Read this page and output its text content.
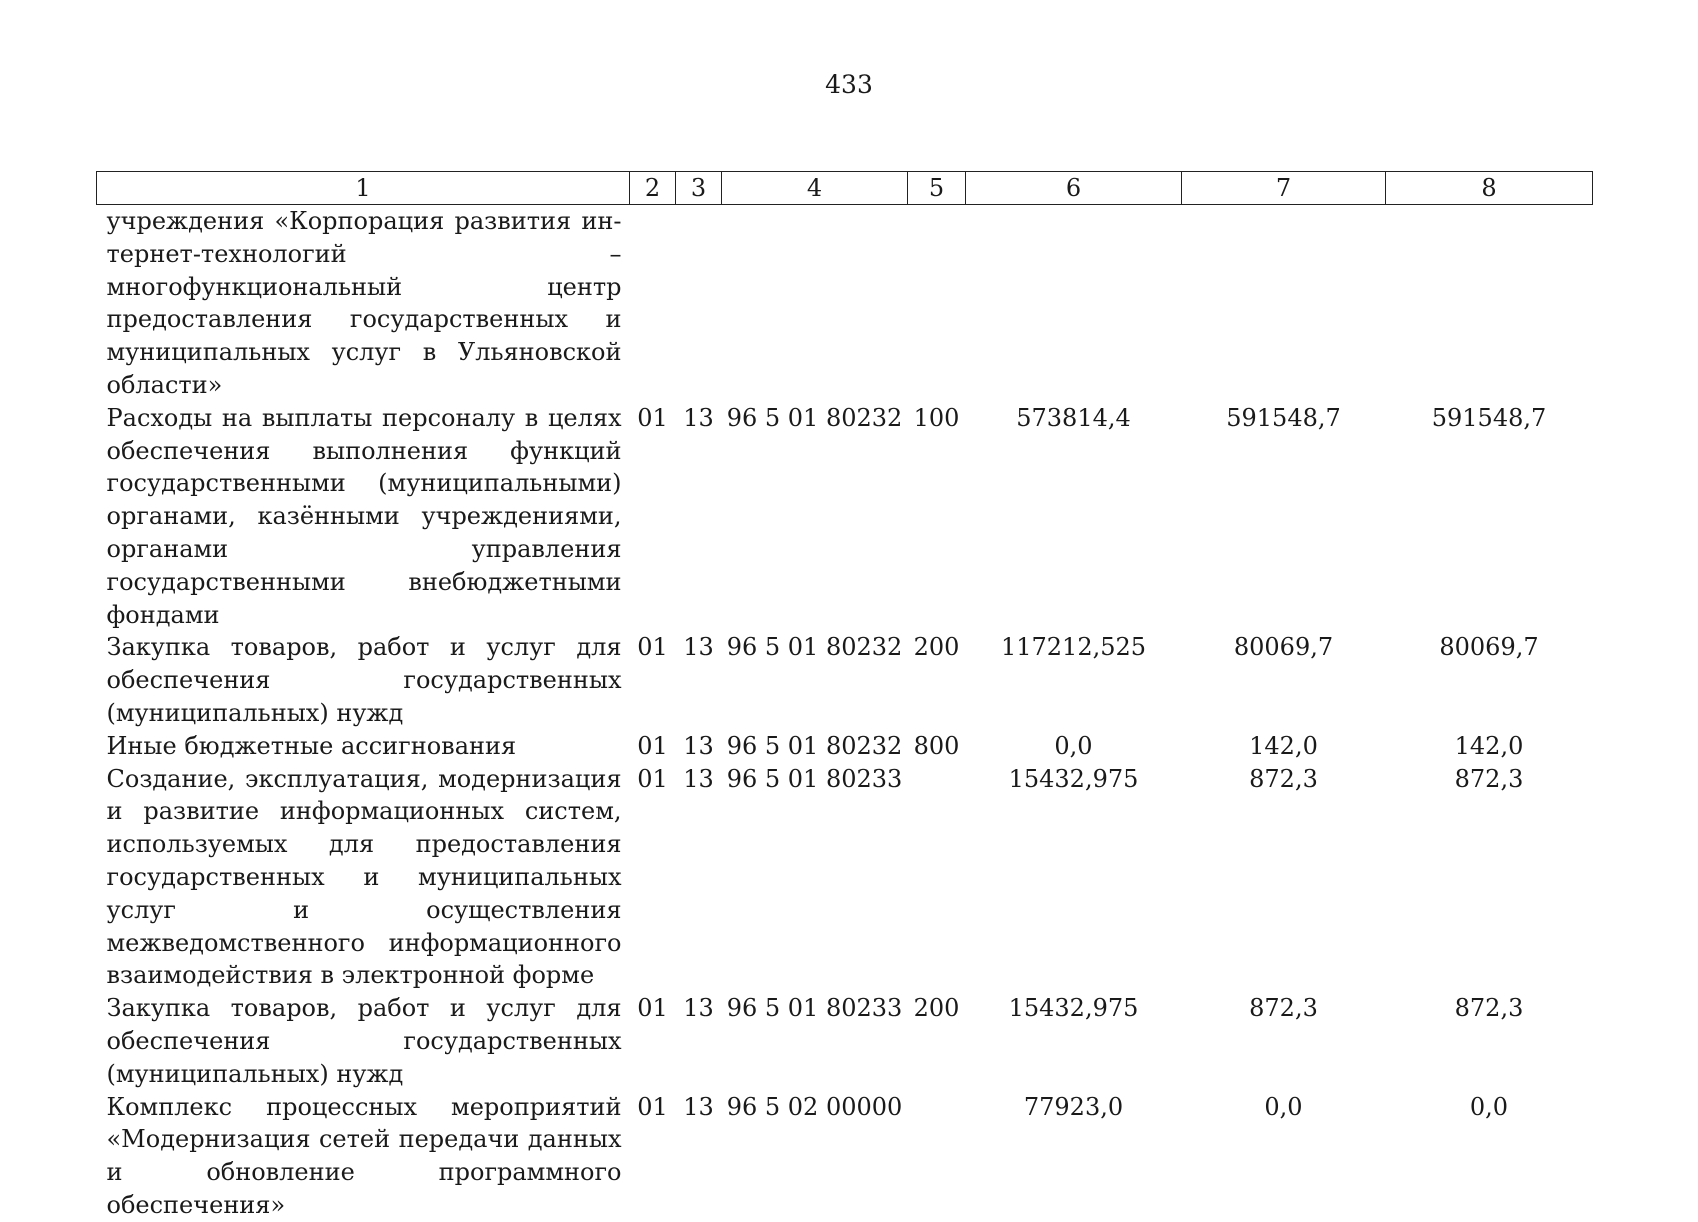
433
1	2	3	4	5	6	7	8
учреждения «Корпорация развития интернет-технологий – многофункциональный центр предоставления государственных и муниципальных услуг в Ульяновской области»							
Расходы на выплаты персоналу в целях обеспечения выполнения функций государственными (муниципальными) органами, казёнными учреждениями, органами управления государственными внебюджетными фондами	01	13	96 5 01 80232	100	573814,4	591548,7	591548,7
Закупка товаров, работ и услуг для обеспечения государственных (муниципальных) нужд	01	13	96 5 01 80232	200	117212,525	80069,7	80069,7
Иные бюджетные ассигнования	01	13	96 5 01 80232	800	0,0	142,0	142,0
Создание, эксплуатация, модернизация и развитие информационных систем, используемых для предоставления государственных и муниципальных услуг и осуществления межведомственного информационного взаимодействия в электронной форме	01	13	96 5 01 80233		15432,975	872,3	872,3
Закупка товаров, работ и услуг для обеспечения государственных (муниципальных) нужд	01	13	96 5 01 80233	200	15432,975	872,3	872,3
Комплекс процессных мероприятий «Модернизация сетей передачи данных и обновление программного обеспечения»	01	13	96 5 02 00000		77923,0	0,0	0,0
